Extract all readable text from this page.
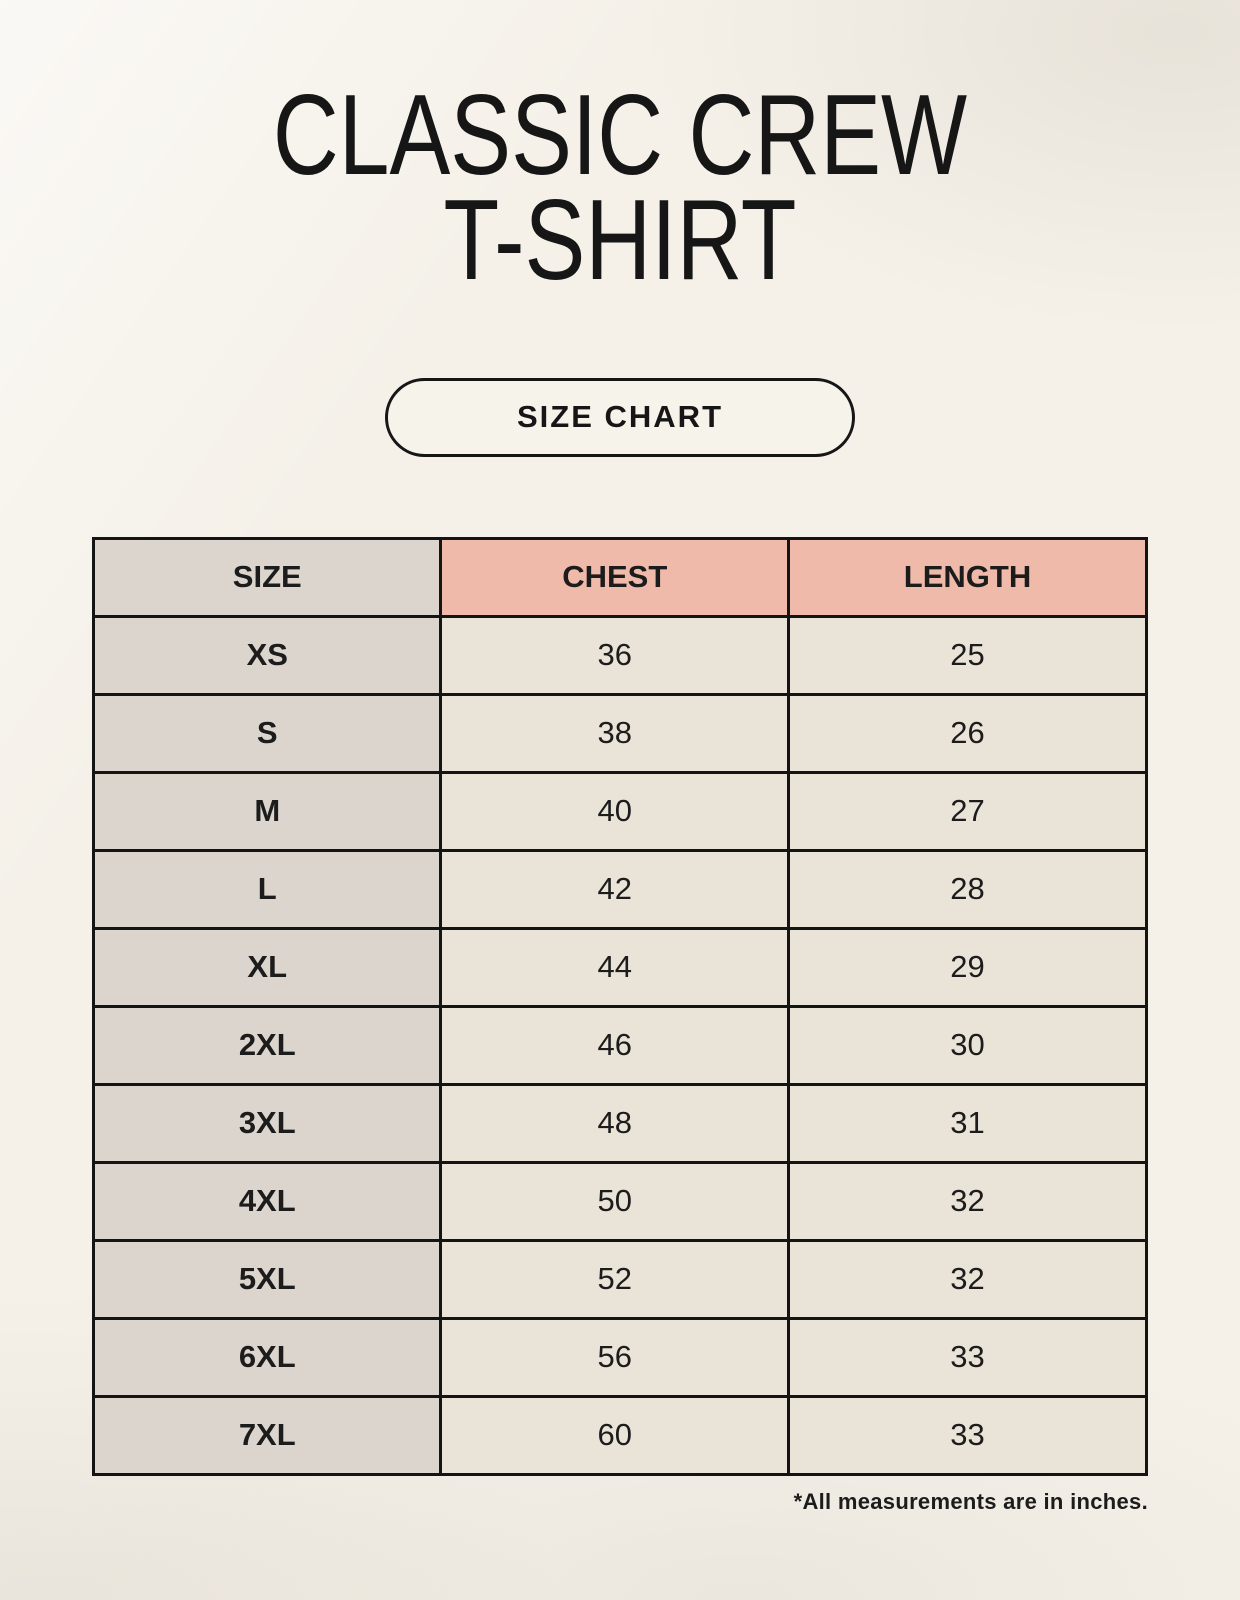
CLASSIC CREW
T-SHIRT
SIZE CHART
SIZE	CHEST	LENGTH
XS	36	25
S	38	26
M	40	27
L	42	28
XL	44	29
2XL	46	30
3XL	48	31
4XL	50	32
5XL	52	32
6XL	56	33
7XL	60	33
*All measurements are in inches.
